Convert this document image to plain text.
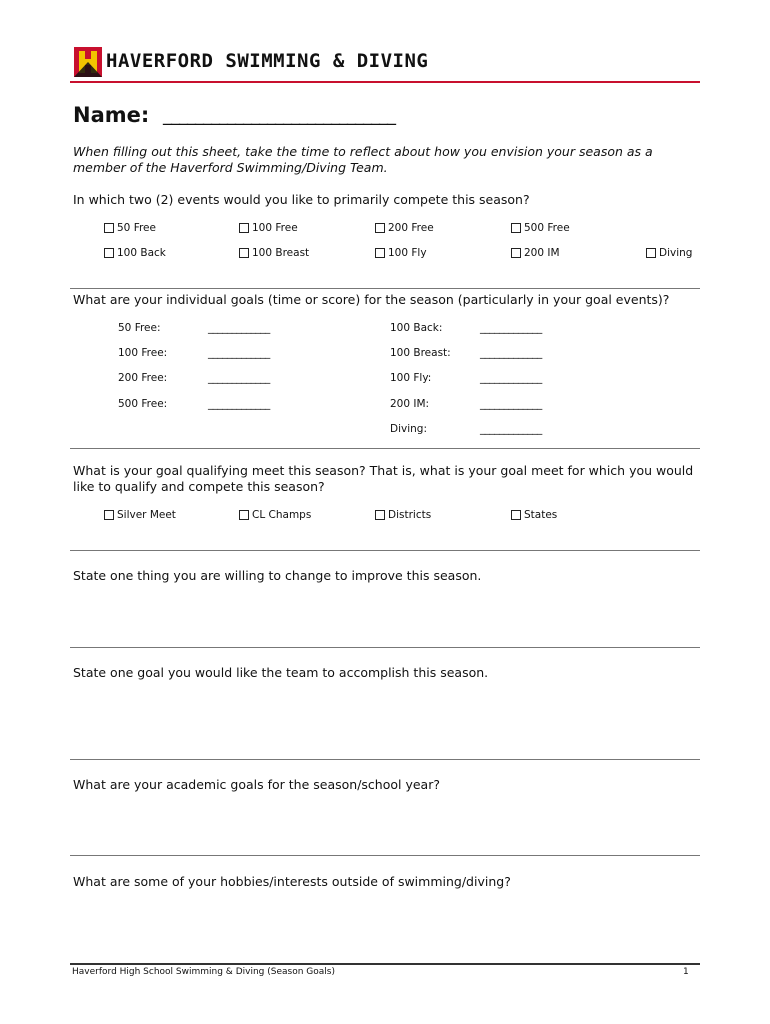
HAVERFORD SWIMMING & DIVING
Name: _____________________________
When filling out this sheet, take the time to reflect about how you envision your season as a member of the Haverford Swimming/Diving Team.
In which two (2) events would you like to primarily compete this season?
50 Free	100 Free	200 Free	500 Free
100 Back	100 Breast	100 Fly	200 IM	Diving
What are your individual goals (time or score) for the season (particularly in your goal events)?
50 Free:	_____________
100 Free:	_____________
200 Free:	_____________
500 Free:	_____________
100 Back:	_____________
100 Breast:	_____________
100 Fly:	_____________
200 IM:	_____________
Diving:	_____________
What is your goal qualifying meet this season? That is, what is your goal meet for which you would like to qualify and compete this season?
Silver Meet	CL Champs	Districts	States
State one thing you are willing to change to improve this season.
State one goal you would like the team to accomplish this season.
What are your academic goals for the season/school year?
What are some of your hobbies/interests outside of swimming/diving?
Haverford High School Swimming & Diving (Season Goals)	1
